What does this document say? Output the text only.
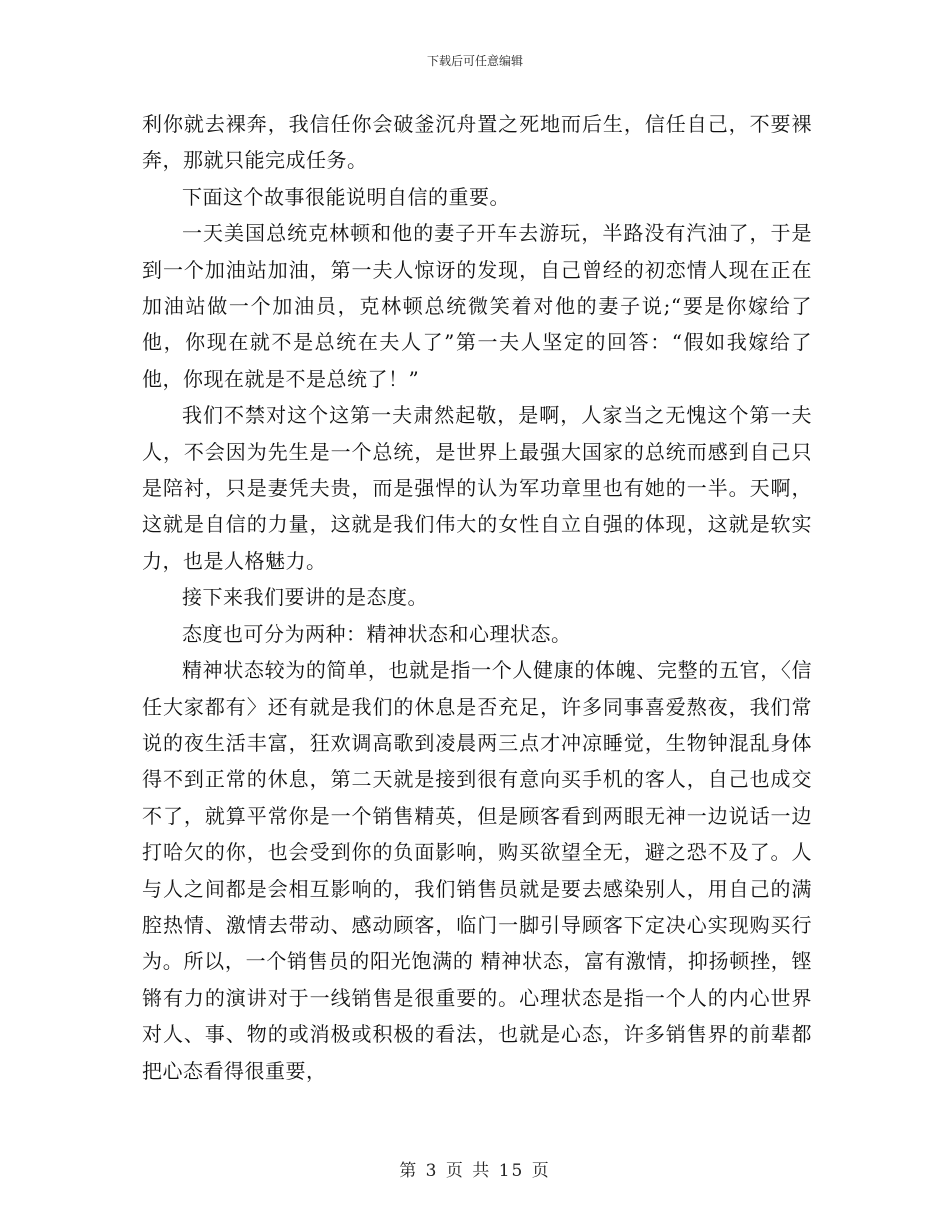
下载后可任意编辑

利你就去裸奔，我信任你会破釜沉舟置之死地而后生，信任自己，不要裸奔，那就只能完成任务。

下面这个故事很能说明自信的重要。

一天美国总统克林顿和他的妻子开车去游玩，半路没有汽油了，于是到一个加油站加油，第一夫人惊讶的发现，自己曾经的初恋情人现在正在加油站做一个加油员，克林顿总统微笑着对他的妻子说;“要是你嫁给了他，你现在就不是总统在夫人了”第一夫人坚定的回答：“假如我嫁给了他，你现在就是不是总统了！”

我们不禁对这个这第一夫肃然起敬，是啊，人家当之无愧这个第一夫人，不会因为先生是一个总统，是世界上最强大国家的总统而感到自己只是陪衬，只是妻凭夫贵，而是强悍的认为军功章里也有她的一半。天啊，这就是自信的力量，这就是我们伟大的女性自立自强的体现，这就是软实力，也是人格魅力。

接下来我们要讲的是态度。

态度也可分为两种：精神状态和心理状态。

精神状态较为的简单，也就是指一个人健康的体魄、完整的五官，〈信任大家都有〉还有就是我们的休息是否充足，许多同事喜爱熬夜，我们常说的夜生活丰富，狂欢调高歌到凌晨两三点才冲凉睡觉，生物钟混乱身体得不到正常的休息，第二天就是接到很有意向买手机的客人，自己也成交不了，就算平常你是一个销售精英，但是顾客看到两眼无神一边说话一边打哈欠的你，也会受到你的负面影响，购买欲望全无，避之恐不及了。人与人之间都是会相互影响的，我们销售员就是要去感染别人，用自己的满腔热情、激情去带动、感动顾客，临门一脚引导顾客下定决心实现购买行为。所以，一个销售员的阳光饱满的 精神状态，富有激情，抑扬顿挫，铿锵有力的演讲对于一线销售是很重要的。心理状态是指一个人的内心世界对人、事、物的或消极或积极的看法，也就是心态，许多销售界的前辈都把心态看得很重要，

第 3 页 共 15 页
